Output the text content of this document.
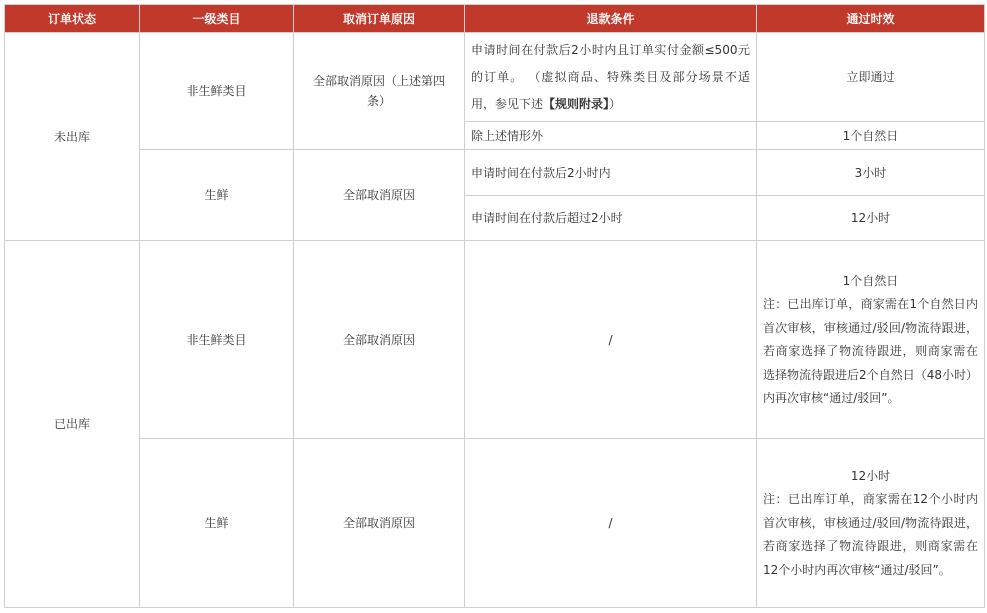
订单状态	一级类目	取消订单原因	退款条件	通过时效
未出库	非生鲜类目	全部取消原因（上述第四条）	申请时间在付款后2小时内且订单实付金额≤500元的订单。 （虚拟商品、特殊类目及部分场景不适用，参见下述【规则附录】）	立即通过
			除上述情形外	1个自然日
	生鲜	全部取消原因	申请时间在付款后2小时内	3小时
			申请时间在付款后超过2小时	12小时
已出库	非生鲜类目	全部取消原因	/	1个自然日
注：已出库订单，商家需在1个自然日内首次审核，审核通过/驳回/物流待跟进，若商家选择了物流待跟进，则商家需在选择物流待跟进后2个自然日（48小时）内再次审核“通过/驳回”。

	生鲜	全部取消原因	/	12小时
注：已出库订单，商家需在12个小时内首次审核，审核通过/驳回/物流待跟进，若商家选择了物流待跟进，则商家需在12个小时内再次审核“通过/驳回”。
